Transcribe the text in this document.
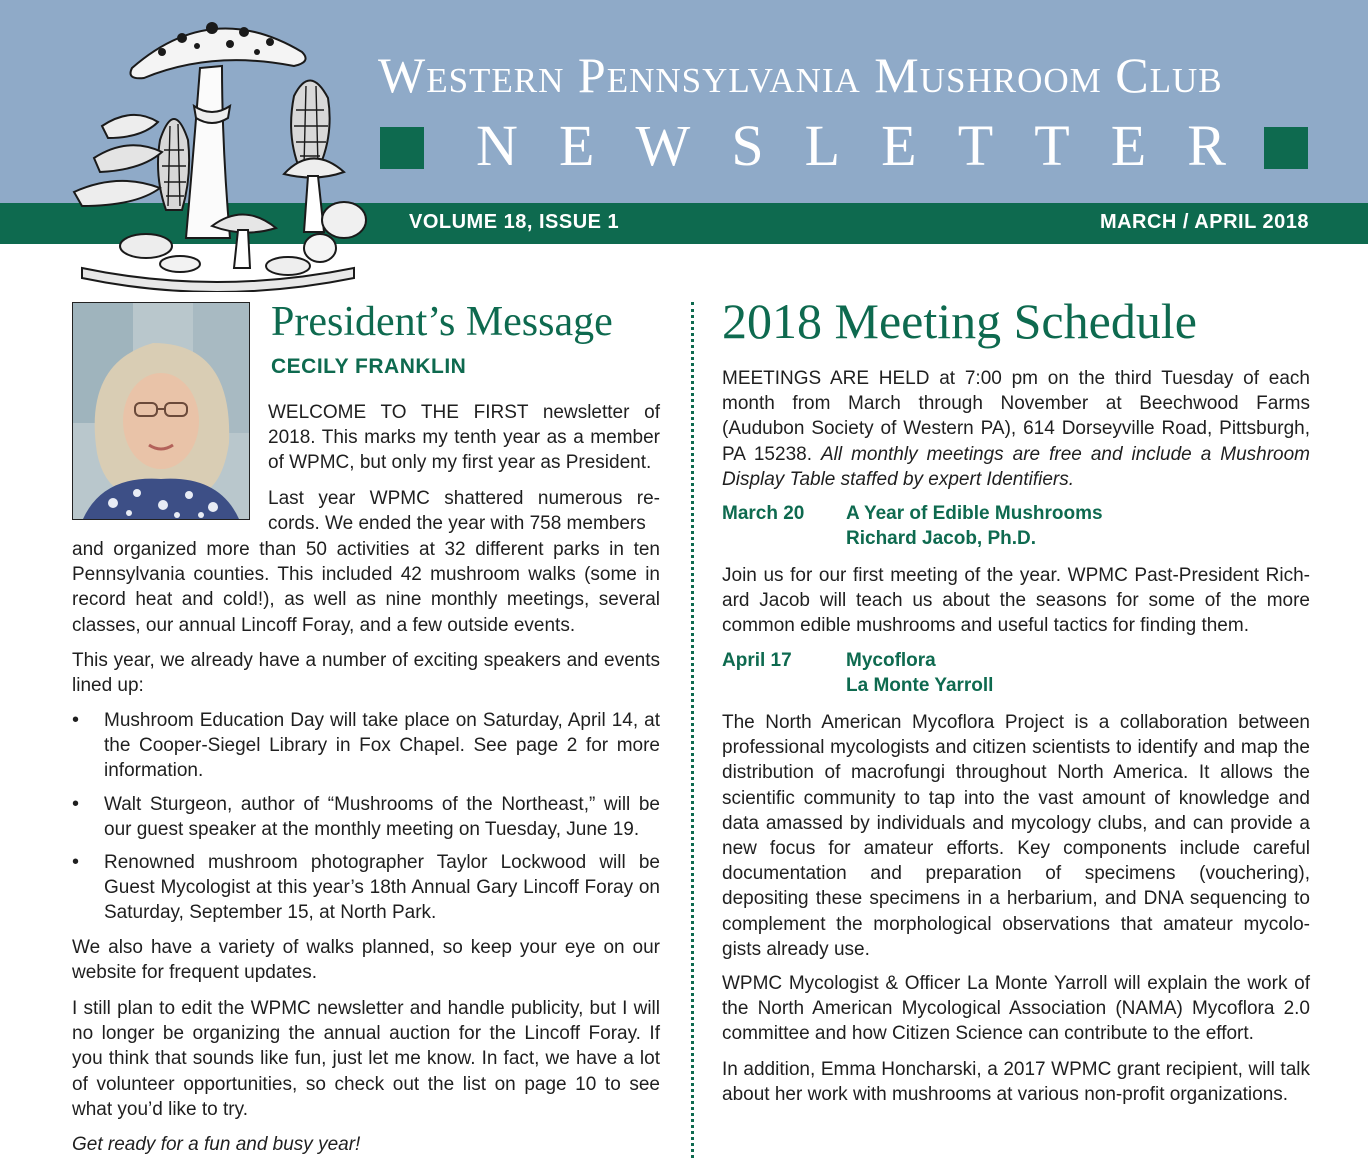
Western Pennsylvania Mushroom Club
N E W S L E T T E R
VOLUME 18, ISSUE 1	MARCH / APRIL 2018
President’s Message
CECILY FRANKLIN

WELCOME TO THE FIRST newsletter of 2018. This marks my tenth year as a member of WPMC, but only my first year as President.

Last year WPMC shattered numerous re-cords. We ended the year with 758 members

and organized more than 50 activities at 32 different parks in ten Pennsylvania counties. This included 42 mushroom walks (some in record heat and cold!), as well as nine monthly meetings, several classes, our annual Lincoff Foray, and a few outside events.

This year, we already have a number of exciting speakers and events lined up:

• Mushroom Education Day will take place on Saturday, April 14, at the Cooper-Siegel Library in Fox Chapel. See page 2 for more information.
• Walt Sturgeon, author of “Mushrooms of the Northeast,” will be our guest speaker at the monthly meeting on Tuesday, June 19.
• Renowned mushroom photographer Taylor Lockwood will be Guest Mycologist at this year’s 18th Annual Gary Lincoff Foray on Saturday, September 15, at North Park.

We also have a variety of walks planned, so keep your eye on our website for frequent updates.

I still plan to edit the WPMC newsletter and handle publicity, but I will no longer be organizing the annual auction for the Lincoff Foray. If you think that sounds like fun, just let me know. In fact, we have a lot of volunteer opportunities, so check out the list on page 10 to see what you’d like to try.

Get ready for a fun and busy year!

2018 Meeting Schedule

MEETINGS ARE HELD at 7:00 pm on the third Tuesday of each month from March through November at Beechwood Farms (Audubon Society of Western PA), 614 Dorseyville Road, Pittsburgh, PA 15238. All monthly meetings are free and include a Mushroom Display Table staffed by expert Identifiers.

March 20 A Year of Edible Mushrooms
Richard Jacob, Ph.D.

Join us for our first meeting of the year. WPMC Past-President Rich-ard Jacob will teach us about the seasons for some of the more common edible mushrooms and useful tactics for finding them.

April 17	Mycoflora
La Monte Yarroll

The North American Mycoflora Project is a collaboration between professional mycologists and citizen scientists to identify and map the distribution of macrofungi throughout North America. It allows the scientific community to tap into the vast amount of knowledge and data amassed by individuals and mycology clubs, and can provide a new focus for amateur efforts. Key components include careful documentation and preparation of specimens (vouchering), depositing these specimens in a herbarium, and DNA sequencing to complement the morphological observations that amateur mycolo-gists already use.

WPMC Mycologist & Officer La Monte Yarroll will explain the work of the North American Mycological Association (NAMA) Mycoflora 2.0 committee and how Citizen Science can contribute to the effort.

In addition, Emma Honcharski, a 2017 WPMC grant recipient, will talk about her work with mushrooms at various non-profit organizations.
